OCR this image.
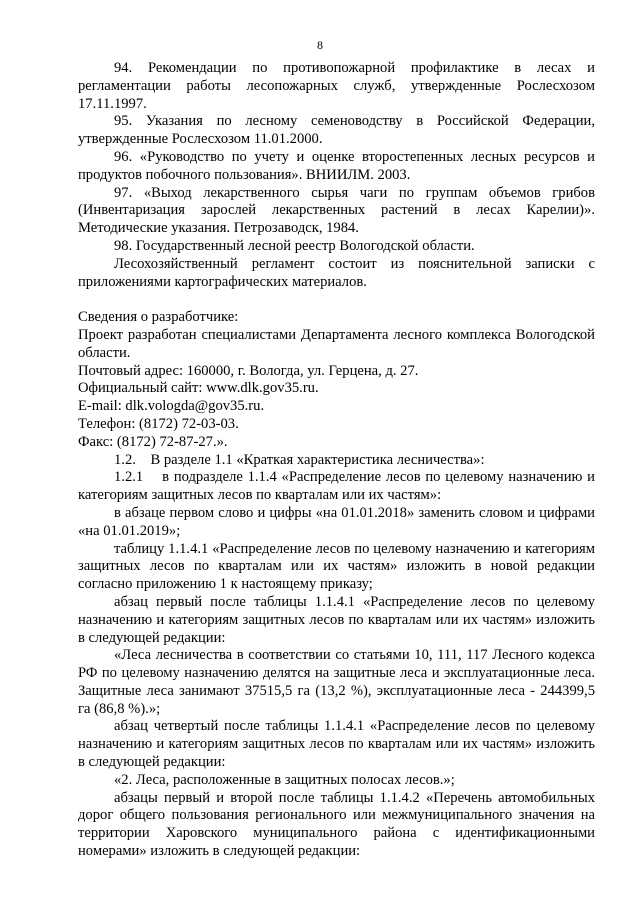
8

94. Рекомендации по противопожарной профилактике в лесах и регламентации работы лесопожарных служб, утвержденные Рослесхозом 17.11.1997.

95. Указания по лесному семеноводству в Российской Федерации, утвержденные Рослесхозом 11.01.2000.

96. «Руководство по учету и оценке второстепенных лесных ресурсов и продуктов побочного пользования». ВНИИЛМ. 2003.

97. «Выход лекарственного сырья чаги по группам объемов грибов (Инвентаризация зарослей лекарственных растений в лесах Карелии)». Методические указания. Петрозаводск, 1984.

98. Государственный лесной реестр Вологодской области.

Лесохозяйственный регламент состоит из пояснительной записки с приложениями картографических материалов.

Сведения о разработчике:

Проект разработан специалистами Департамента лесного комплекса Вологодской области.

Почтовый адрес: 160000, г. Вологда, ул. Герцена, д. 27.

Официальный сайт: www.dlk.gov35.ru.

E-mail: dlk.vologda@gov35.ru.

Телефон: (8172) 72-03-03.

Факс: (8172) 72-87-27.».

1.2.    В разделе 1.1 «Краткая характеристика лесничества»:

1.2.1    в подразделе 1.1.4 «Распределение лесов по целевому назначению и категориям защитных лесов по кварталам или их частям»:

в абзаце первом слово и цифры «на 01.01.2018» заменить словом и цифрами «на 01.01.2019»;

таблицу 1.1.4.1 «Распределение лесов по целевому назначению и категориям защитных лесов по кварталам или их частям» изложить в новой редакции согласно приложению 1 к настоящему приказу;

абзац первый после таблицы 1.1.4.1 «Распределение лесов по целевому назначению и категориям защитных лесов по кварталам или их частям» изложить в следующей редакции:

«Леса лесничества в соответствии со статьями 10, 111, 117 Лесного кодекса РФ по целевому назначению делятся на защитные леса и эксплуатационные леса. Защитные леса занимают 37515,5 га (13,2 %), эксплуатационные леса - 244399,5 га (86,8 %).»;

абзац четвертый после таблицы 1.1.4.1 «Распределение лесов по целевому назначению и категориям защитных лесов по кварталам или их частям» изложить в следующей редакции:

«2. Леса, расположенные в защитных полосах лесов.»;

абзацы первый и второй после таблицы 1.1.4.2 «Перечень автомобильных дорог общего пользования регионального или межмуниципального значения на территории Харовского муниципального района с идентификационными номерами» изложить в следующей редакции:
